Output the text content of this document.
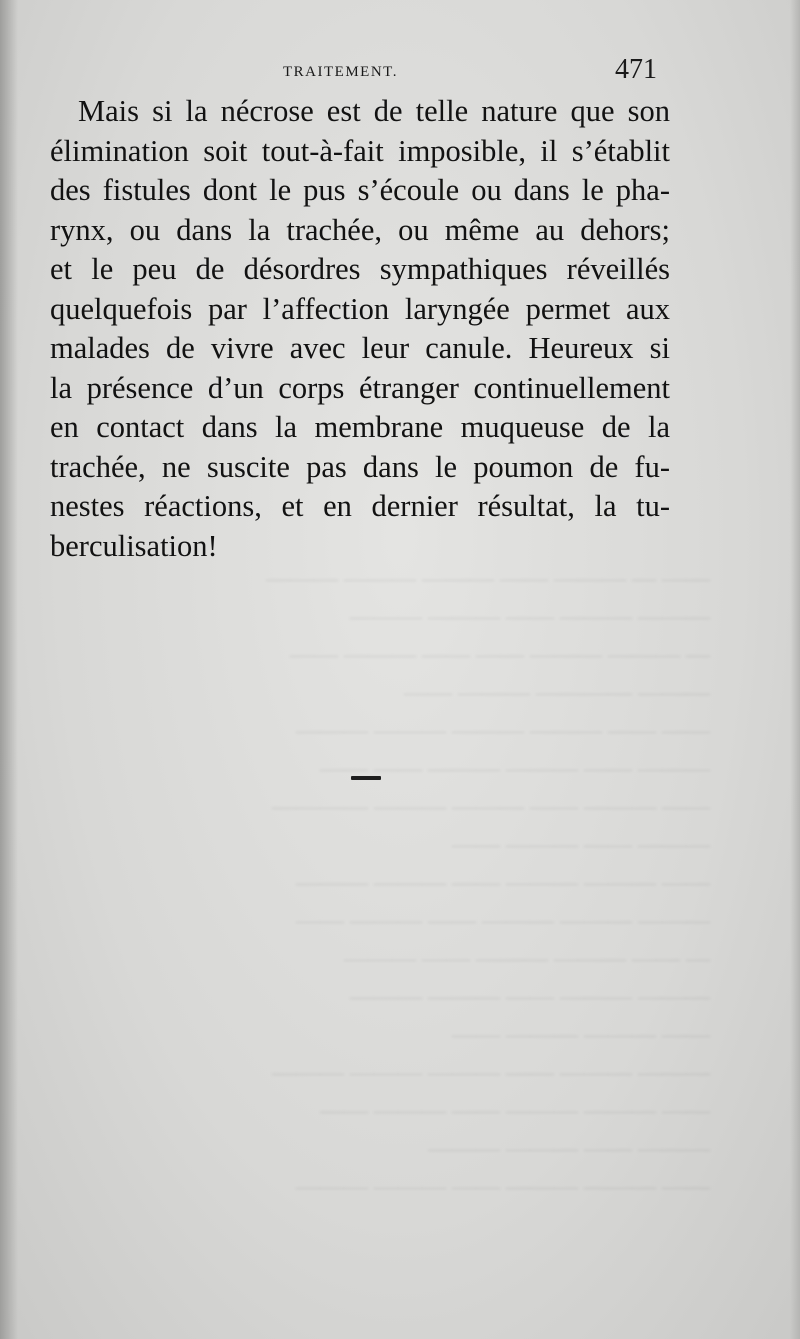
—— — ——— —— ——— ——— ———
——— ——— —— ——— ———
— ——— ——— —— —— ——— ——
——— ———— ——— ——
—— —— ——— ——— ——— ———
——— —— ——— ——— —— ——
—— ——— —— ——— ——— ————
——— —— ——— ——
—— ——— ——— —— ——— ———
——— ——— ——— —— ——— ——
— —— ——— ——— —— ———
——— ——— —— ——— ———
—— ——— ——— ——
——— ——— —— ——— ——— ———
—— ——— ——— —— ——— ——
——— —— ——— ———
—— ——— ——— —— ——— ———
TRAITEMENT.	471
Mais si la nécrose est de telle nature que son
élimination soit tout-à-fait imposible, il s’établit
des fistules dont le pus s’écoule ou dans le pha-
rynx, ou dans la trachée, ou même au dehors;
et le peu de désordres sympathiques réveillés
quelquefois par l’affection laryngée permet aux
malades de vivre avec leur canule. Heureux si
la présence d’un corps étranger continuellement
en contact dans la membrane muqueuse de la
trachée, ne suscite pas dans le poumon de fu-
nestes réactions, et en dernier résultat, la tu-
berculisation!
